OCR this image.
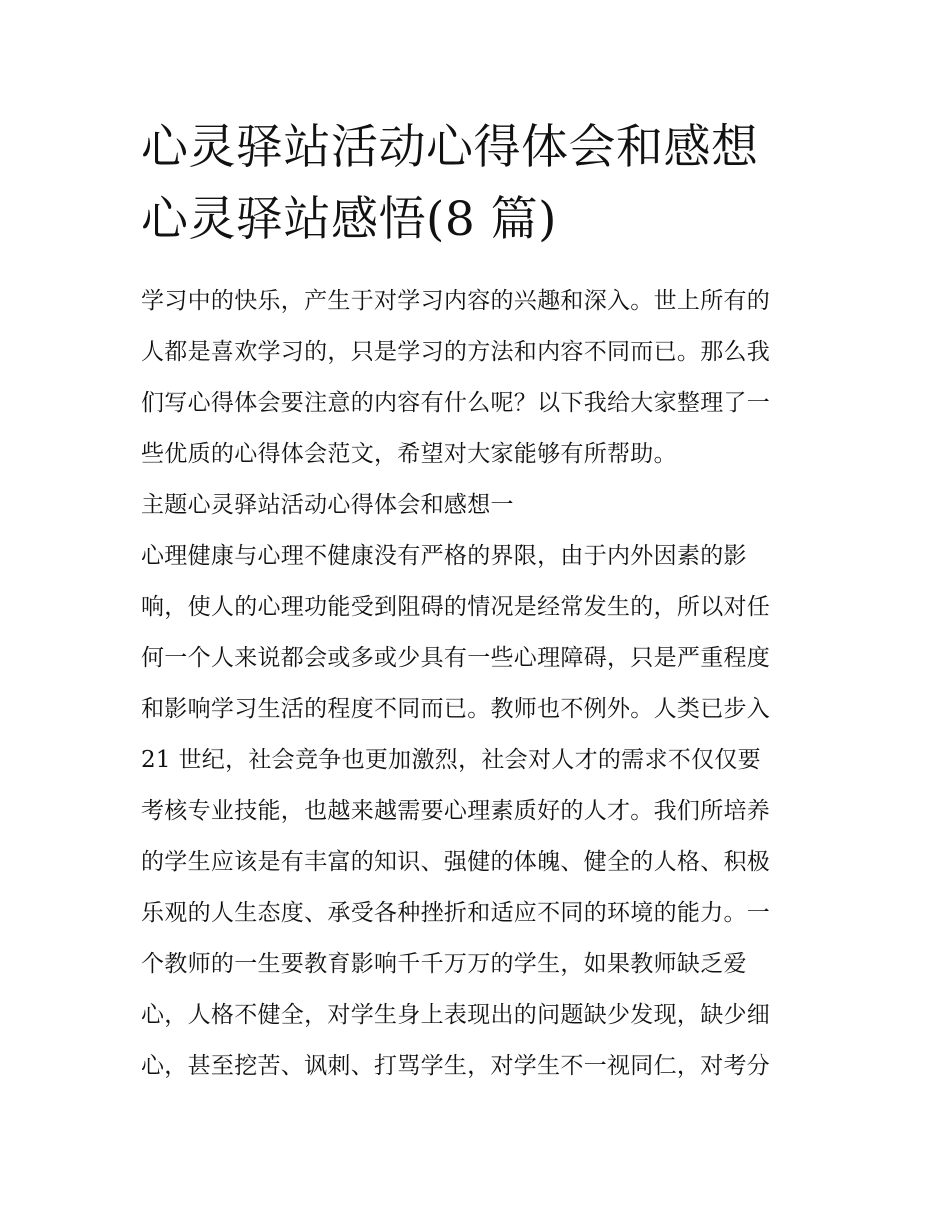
心灵驿站活动心得体会和感想
心灵驿站感悟(8 篇)
学习中的快乐，产生于对学习内容的兴趣和深入。世上所有的
人都是喜欢学习的，只是学习的方法和内容不同而已。那么我
们写心得体会要注意的内容有什么呢？以下我给大家整理了一
些优质的心得体会范文，希望对大家能够有所帮助。
主题心灵驿站活动心得体会和感想一
心理健康与心理不健康没有严格的界限，由于内外因素的影
响，使人的心理功能受到阻碍的情况是经常发生的，所以对任
何一个人来说都会或多或少具有一些心理障碍，只是严重程度
和影响学习生活的程度不同而已。教师也不例外。人类已步入
21 世纪，社会竞争也更加激烈，社会对人才的需求不仅仅要
考核专业技能，也越来越需要心理素质好的人才。我们所培养
的学生应该是有丰富的知识、强健的体魄、健全的人格、积极
乐观的人生态度、承受各种挫折和适应不同的环境的能力。一
个教师的一生要教育影响千千万万的学生，如果教师缺乏爱
心，人格不健全，对学生身上表现出的问题缺少发现，缺少细
心，甚至挖苦、讽刺、打骂学生，对学生不一视同仁，对考分
